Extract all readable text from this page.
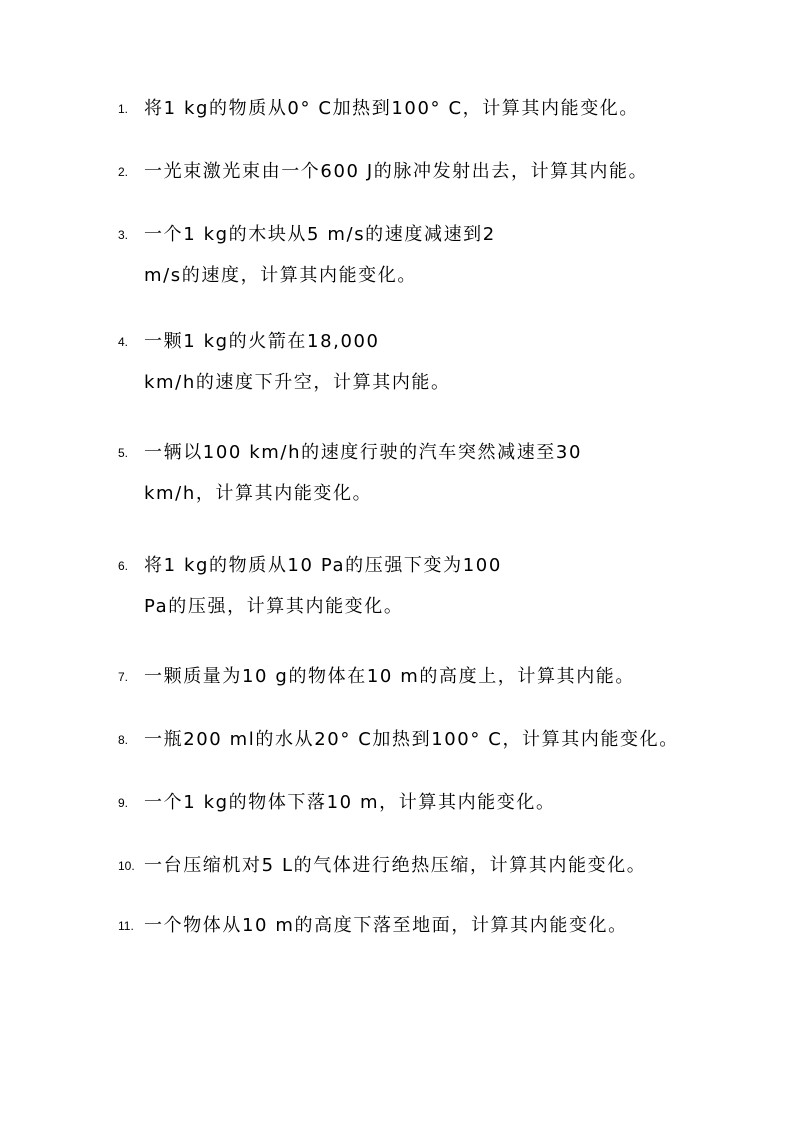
1. 将1 kg的物质从0° C加热到100° C，计算其内能变化。
2. 一光束激光束由一个600 J的脉冲发射出去，计算其内能。
3. 一个1 kg的木块从5 m/s的速度减速到2
m/s的速度，计算其内能变化。
4. 一颗1 kg的火箭在18,000
km/h的速度下升空，计算其内能。
5. 一辆以100 km/h的速度行驶的汽车突然减速至30
km/h，计算其内能变化。
6. 将1 kg的物质从10 Pa的压强下变为100
Pa的压强，计算其内能变化。
7. 一颗质量为10 g的物体在10 m的高度上，计算其内能。
8. 一瓶200 ml的水从20° C加热到100° C，计算其内能变化。
9. 一个1 kg的物体下落10 m，计算其内能变化。
10. 一台压缩机对5 L的气体进行绝热压缩，计算其内能变化。
11. 一个物体从10 m的高度下落至地面，计算其内能变化。
